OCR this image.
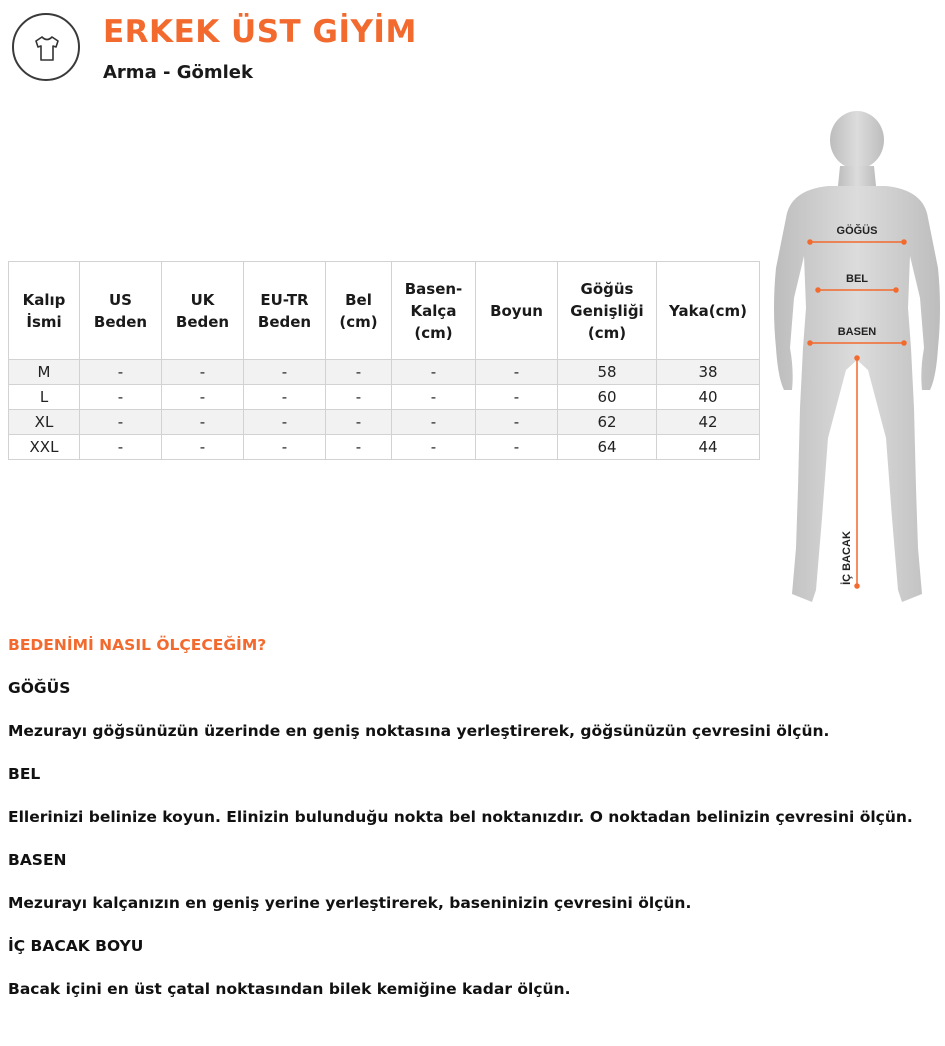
ERKEK ÜST GİYİM
Arma - Gömlek
Kalıp İsmi	US Beden	UK Beden	EU-TR Beden	Bel (cm)	Basen-Kalça (cm)	Boyun	Göğüs Genişliği (cm)	Yaka(cm)
M	-	-	-	-	-	-	58	38
L	-	-	-	-	-	-	60	40
XL	-	-	-	-	-	-	62	42
XXL	-	-	-	-	-	-	64	44
GÖĞÜS
BEL
BASEN
İÇ BACAK

BEDENİMİ NASIL ÖLÇECEĞİM?

GÖĞÜS

Mezurayı göğsünüzün üzerinde en geniş noktasına yerleştirerek, göğsünüzün çevresini ölçün.

BEL

Ellerinizi belinize koyun. Elinizin bulunduğu nokta bel noktanızdır. O noktadan belinizin çevresini ölçün.

BASEN

Mezurayı kalçanızın en geniş yerine yerleştirerek, baseninizin çevresini ölçün.

İÇ BACAK BOYU

Bacak içini en üst çatal noktasından bilek kemiğine kadar ölçün.
